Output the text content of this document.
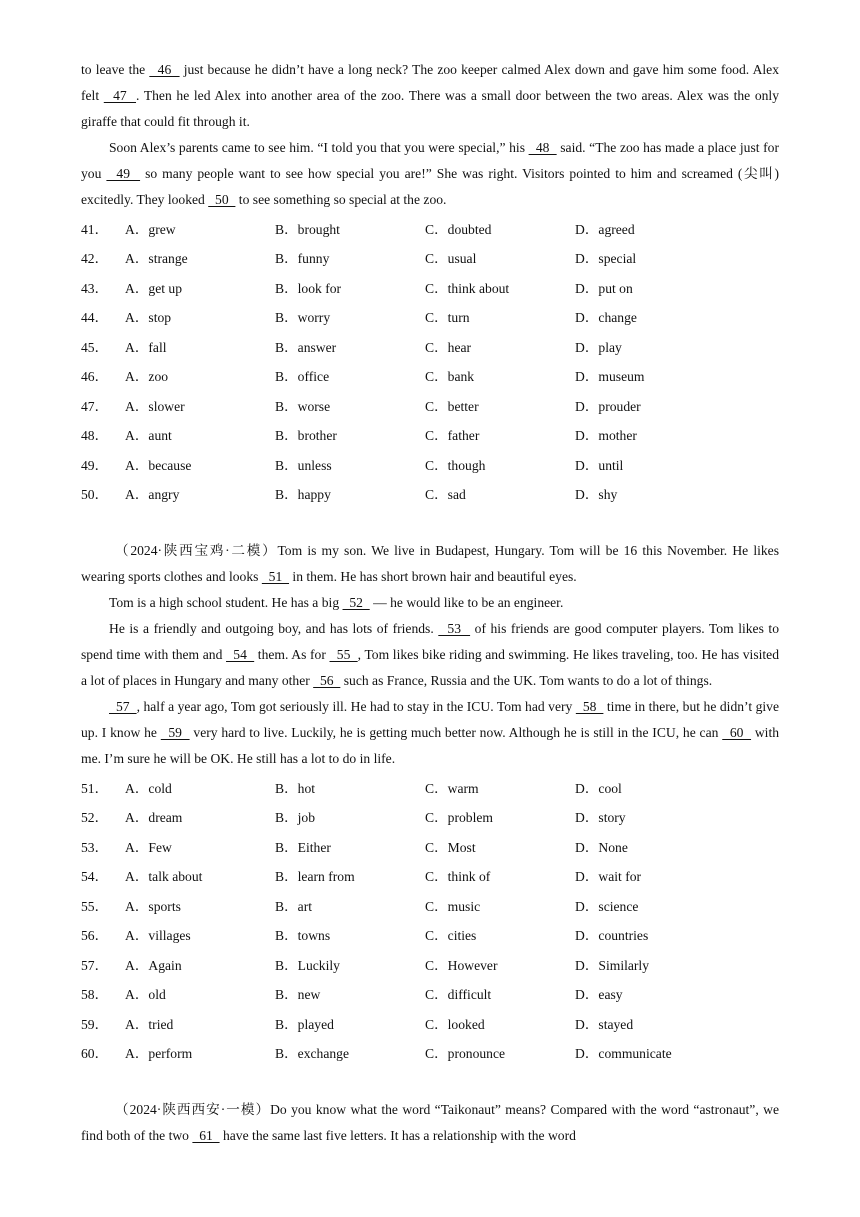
to leave the   46   just because he didn’t have a long neck? The zoo keeper calmed Alex down and gave him some food. Alex felt   47  . Then he led Alex into another area of the zoo. There was a small door between the two areas. Alex was the only giraffe that could fit through it.

Soon Alex’s parents came to see him. “I told you that you were special,” his   48   said. “The zoo has made a place just for you   49   so many people want to see how special you are!” She was right. Visitors pointed to him and screamed (尖叫) excitedly. They looked   50   to see something so special at the zoo.

41．	A．grew	B．brought	C．doubted	D．agreed
42．	A．strange	B．funny	C．usual	D．special
43．	A．get up	B．look for	C．think about	D．put on
44．	A．stop	B．worry	C．turn	D．change
45．	A．fall	B．answer	C．hear	D．play
46．	A．zoo	B．office	C．bank	D．museum
47．	A．slower	B．worse	C．better	D．prouder
48．	A．aunt	B．brother	C．father	D．mother
49．	A．because	B．unless	C．though	D．until
50．	A．angry	B．happy	C．sad	D．shy

（2024·陕西宝鸡·二模）Tom is my son. We live in Budapest, Hungary. Tom will be 16 this November. He likes wearing sports clothes and looks   51   in them. He has short brown hair and beautiful eyes.

Tom is a high school student. He has a big   52   — he would like to be an engineer.

He is a friendly and outgoing boy, and has lots of friends.   53   of his friends are good computer players. Tom likes to spend time with them and   54   them. As for   55  , Tom likes bike riding and swimming. He likes traveling, too. He has visited a lot of places in Hungary and many other   56   such as France, Russia and the UK. Tom wants to do a lot of things.

57  , half a year ago, Tom got seriously ill. He had to stay in the ICU. Tom had very   58   time in there, but he didn’t give up. I know he   59   very hard to live. Luckily, he is getting much better now. Although he is still in the ICU, he can   60   with me. I’m sure he will be OK. He still has a lot to do in life.

51．	A．cold	B．hot	C．warm	D．cool
52．	A．dream	B．job	C．problem	D．story
53．	A．Few	B．Either	C．Most	D．None
54．	A．talk about	B．learn from	C．think of	D．wait for
55．	A．sports	B．art	C．music	D．science
56．	A．villages	B．towns	C．cities	D．countries
57．	A．Again	B．Luckily	C．However	D．Similarly
58．	A．old	B．new	C．difficult	D．easy
59．	A．tried	B．played	C．looked	D．stayed
60．	A．perform	B．exchange	C．pronounce	D．communicate

（2024·陕西西安·一模）Do you know what the word “Taikonaut” means? Compared with the word “astronaut”, we find both of the two   61   have the same last five letters. It has a relationship with the word
